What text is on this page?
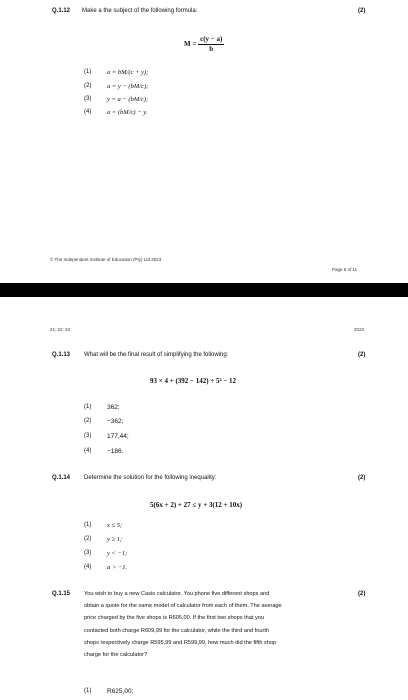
Q.1.12 Make a the subject of the following formula:	(2)
$M = \frac{c(y - a)}{b}$
(1) a = bM/(c + y);
(2) a = y − (bM/c);
(3) y = a − (bM/c);
(4) a = (bM/c) − y.
© The Independent Institute of Education (Pty) Ltd 2023
Page 5 of 11
21; 22; 23	2023
Q.1.13 What will be the final result of simplifying the following:	(2)
93 × 4 + (392 − 142) ÷ 5² − 12
(1) 362;
(2) −362;
(3) 177,44;
(4) −186.
Q.1.14 Determine the solution for the following inequality:	(2)
5(6x + 2) + 27 ≤ y + 3(12 + 10x)
(1) x ≤ 5;
(2) y ≥ 1;
(3) y < −1;
(4) a > −1.
Q.1.15	(2)
You wish to buy a new Casio calculator. You phone five different shops and
obtain a quote for the same model of calculator from each of them. The average
price charged by the five shops is R605,00. If the first two shops that you
contacted both charge R609,99 for the calculator, while the third and fourth
shops respectively charge R595,99 and R599,99, how much did the fifth shop
charge for the calculator?
(1) R625,00;
